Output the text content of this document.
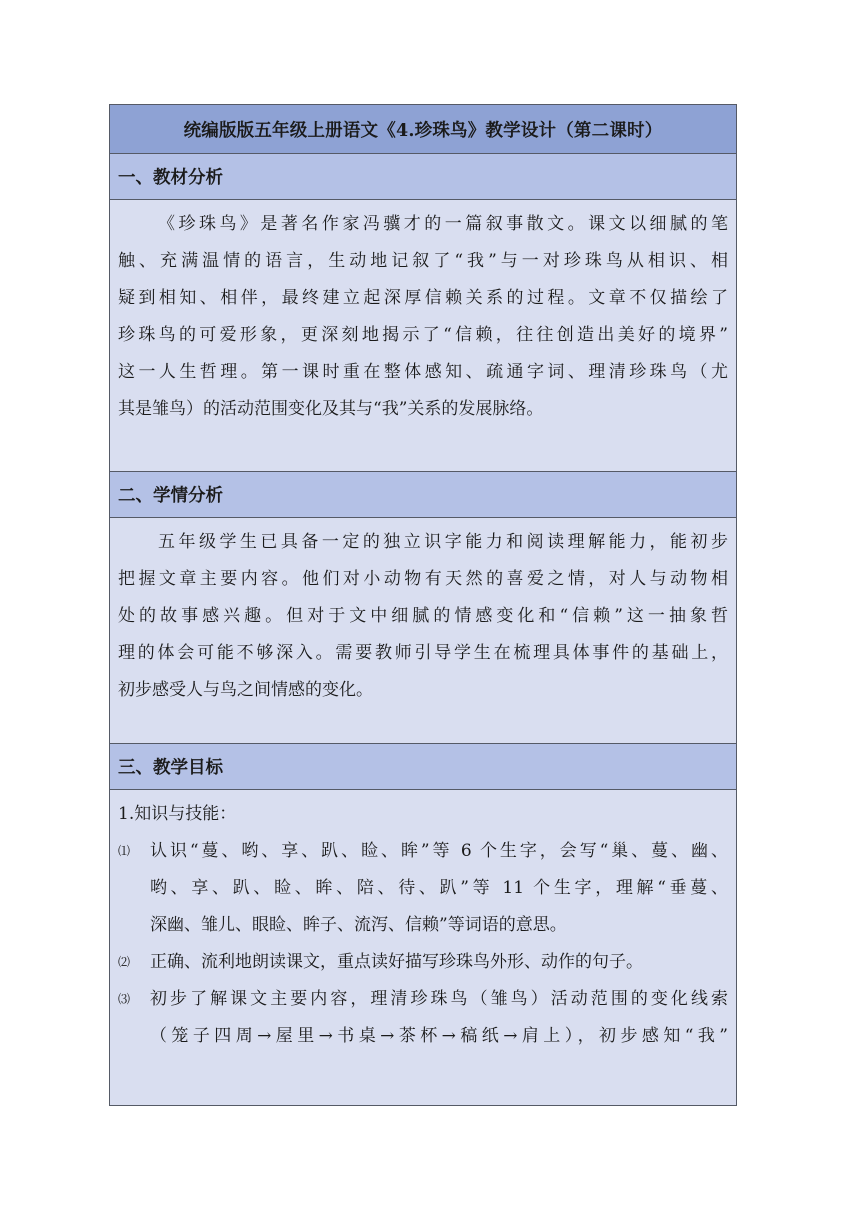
统编版版五年级上册语文《4.珍珠鸟》教学设计（第二课时）
一、教材分析
《珍珠鸟》是著名作家冯骥才的一篇叙事散文。课文以细腻的笔
触、充满温情的语言，生动地记叙了“我”与一对珍珠鸟从相识、相
疑到相知、相伴，最终建立起深厚信赖关系的过程。文章不仅描绘了
珍珠鸟的可爱形象，更深刻地揭示了“信赖，往往创造出美好的境界”
这一人生哲理。第一课时重在整体感知、疏通字词、理清珍珠鸟（尤
其是雏鸟）的活动范围变化及其与“我”关系的发展脉络。
二、学情分析
五年级学生已具备一定的独立识字能力和阅读理解能力，能初步
把握文章主要内容。他们对小动物有天然的喜爱之情，对人与动物相
处的故事感兴趣。但对于文中细腻的情感变化和“信赖”这一抽象哲
理的体会可能不够深入。需要教师引导学生在梳理具体事件的基础上，
初步感受人与鸟之间情感的变化。
三、教学目标
1.知识与技能：
⑴	认识“蔓、哟、享、趴、睑、眸”等 6 个生字，会写“巢、蔓、幽、
哟、享、趴、睑、眸、陪、待、趴”等 11 个生字，理解“垂蔓、
深幽、雏儿、眼睑、眸子、流泻、信赖”等词语的意思。
⑵	正确、流利地朗读课文，重点读好描写珍珠鸟外形、动作的句子。
⑶	初步了解课文主要内容，理清珍珠鸟（雏鸟）活动范围的变化线索
（笼子四周→屋里→书桌→茶杯→稿纸→肩上），初步感知“我”
